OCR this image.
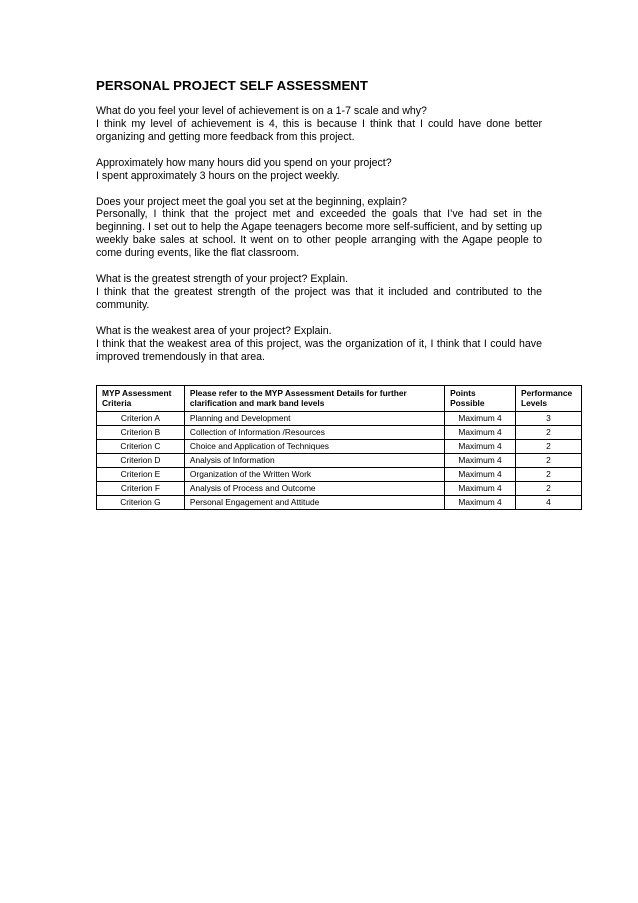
PERSONAL PROJECT SELF ASSESSMENT

What do you feel your level of achievement is on a 1-7 scale and why?

I think my level of achievement is 4, this is because I think that I could have done better organizing and getting more feedback from this project.

Approximately how many hours did you spend on your project?

I spent approximately 3 hours on the project weekly.

Does your project meet the goal you set at the beginning, explain?

Personally, I think that the project met and exceeded the goals that I’ve had set in the beginning. I set out to help the Agape teenagers become more self-sufficient, and by setting up weekly bake sales at school. It went on to other people arranging with the Agape people to come during events, like the flat classroom.

What is the greatest strength of your project? Explain.

I think that the greatest strength of the project was that it included and contributed to the community.

What is the weakest area of your project? Explain.

I think that the weakest area of this project, was the organization of it, I think that I could have improved tremendously in that area.

MYP Assessment Criteria	Please refer to the MYP Assessment Details for further clarification and mark band levels	Points Possible	Performance Levels
Criterion A	Planning and Development	Maximum 4	3
Criterion B	Collection of Information /Resources	Maximum 4	2
Criterion C	Choice and Application of Techniques	Maximum 4	2
Criterion D	Analysis of Information	Maximum 4	2
Criterion E	Organization of the Written Work	Maximum 4	2
Criterion F	Analysis of Process and Outcome	Maximum 4	2
Criterion G	Personal Engagement and Attitude	Maximum 4	4
